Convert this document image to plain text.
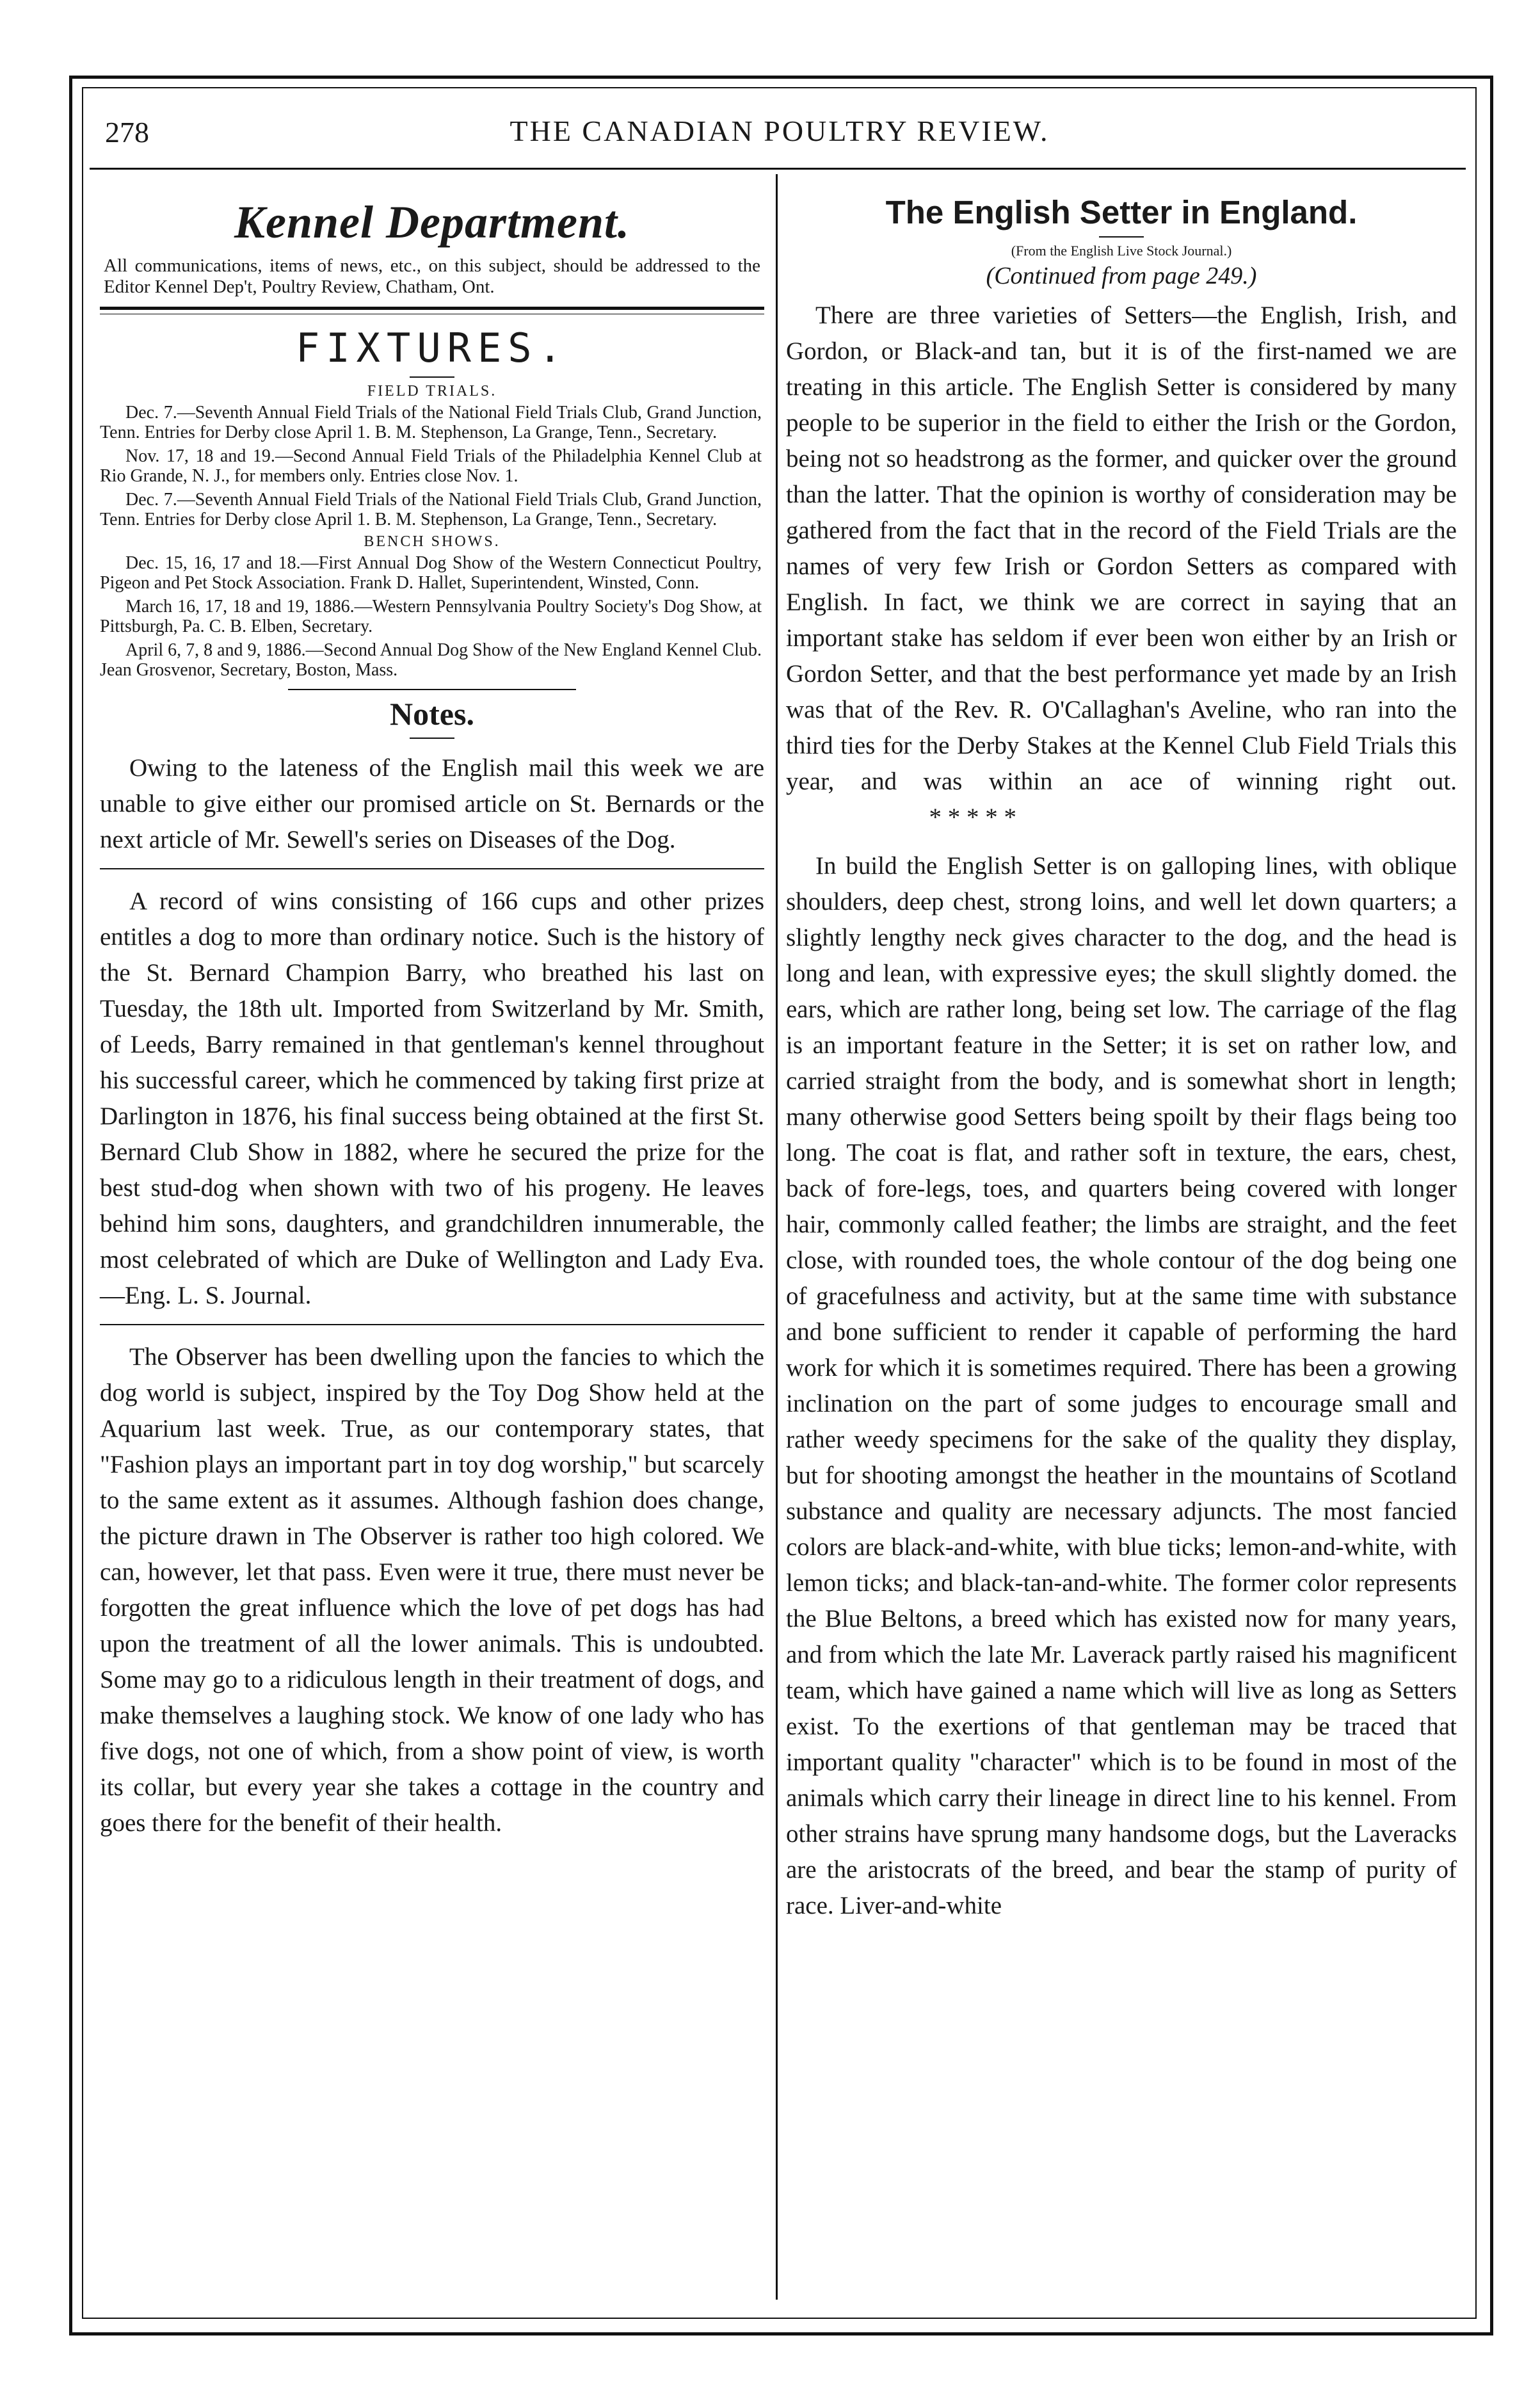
278	THE CANADIAN POULTRY REVIEW.
Kennel Department.

All communications, items of news, etc., on this subject, should be addressed to the Editor Kennel Dep't, Poultry Review, Chatham, Ont.

FIXTURES.
FIELD TRIALS.

Dec. 7.—Seventh Annual Field Trials of the National Field Trials Club, Grand Junction, Tenn. Entries for Derby close April 1. B. M. Stephenson, La Grange, Tenn., Secretary.

Nov. 17, 18 and 19.—Second Annual Field Trials of the Philadelphia Kennel Club at Rio Grande, N. J., for members only. Entries close Nov. 1.

Dec. 7.—Seventh Annual Field Trials of the National Field Trials Club, Grand Junction, Tenn. Entries for Derby close April 1. B. M. Stephenson, La Grange, Tenn., Secretary.

BENCH SHOWS.

Dec. 15, 16, 17 and 18.—First Annual Dog Show of the Western Connecticut Poultry, Pigeon and Pet Stock Association. Frank D. Hallet, Superintendent, Winsted, Conn.

March 16, 17, 18 and 19, 1886.—Western Pennsylvania Poultry Society's Dog Show, at Pittsburgh, Pa. C. B. Elben, Secretary.

April 6, 7, 8 and 9, 1886.—Second Annual Dog Show of the New England Kennel Club. Jean Grosvenor, Secretary, Boston, Mass.

Notes.

Owing to the lateness of the English mail this week we are unable to give either our promised article on St. Bernards or the next article of Mr. Sewell's series on Diseases of the Dog.

A record of wins consisting of 166 cups and other prizes entitles a dog to more than ordinary notice. Such is the history of the St. Bernard Champion Barry, who breathed his last on Tuesday, the 18th ult. Imported from Switzerland by Mr. Smith, of Leeds, Barry remained in that gentleman's kennel throughout his successful career, which he commenced by taking first prize at Darlington in 1876, his final success being obtained at the first St. Bernard Club Show in 1882, where he secured the prize for the best stud-dog when shown with two of his progeny. He leaves behind him sons, daughters, and grandchildren innumerable, the most celebrated of which are Duke of Wellington and Lady Eva.—Eng. L. S. Journal.

The Observer has been dwelling upon the fancies to which the dog world is subject, inspired by the Toy Dog Show held at the Aquarium last week. True, as our contemporary states, that "Fashion plays an important part in toy dog worship," but scarcely to the same extent as it assumes. Although fashion does change, the picture drawn in The Observer is rather too high colored. We can, however, let that pass. Even were it true, there must never be forgotten the great influence which the love of pet dogs has had upon the treatment of all the lower animals. This is undoubted. Some may go to a ridiculous length in their treatment of dogs, and make themselves a laughing stock. We know of one lady who has five dogs, not one of which, from a show point of view, is worth its collar, but every year she takes a cottage in the country and goes there for the benefit of their health.

The English Setter in England.
(From the English Live Stock Journal.)
(Continued from page 249.)

There are three varieties of Setters—the English, Irish, and Gordon, or Black-and tan, but it is of the first-named we are treating in this article. The English Setter is considered by many people to be superior in the field to either the Irish or the Gordon, being not so headstrong as the former, and quicker over the ground than the latter. That the opinion is worthy of consideration may be gathered from the fact that in the record of the Field Trials are the names of very few Irish or Gordon Setters as compared with English. In fact, we think we are correct in saying that an important stake has seldom if ever been won either by an Irish or Gordon Setter, and that the best performance yet made by an Irish was that of the Rev. R. O'Callaghan's Aveline, who ran into the third ties for the Derby Stakes at the Kennel Club Field Trials this year, and was within an ace of winning right out. * * * * *

In build the English Setter is on galloping lines, with oblique shoulders, deep chest, strong loins, and well let down quarters; a slightly lengthy neck gives character to the dog, and the head is long and lean, with expressive eyes; the skull slightly domed. the ears, which are rather long, being set low. The carriage of the flag is an important feature in the Setter; it is set on rather low, and carried straight from the body, and is somewhat short in length; many otherwise good Setters being spoilt by their flags being too long. The coat is flat, and rather soft in texture, the ears, chest, back of fore-legs, toes, and quarters being covered with longer hair, commonly called feather; the limbs are straight, and the feet close, with rounded toes, the whole contour of the dog being one of gracefulness and activity, but at the same time with substance and bone sufficient to render it capable of performing the hard work for which it is sometimes required. There has been a growing inclination on the part of some judges to encourage small and rather weedy specimens for the sake of the quality they display, but for shooting amongst the heather in the mountains of Scotland substance and quality are necessary adjuncts. The most fancied colors are black-and-white, with blue ticks; lemon-and-white, with lemon ticks; and black-tan-and-white. The former color represents the Blue Beltons, a breed which has existed now for many years, and from which the late Mr. Laverack partly raised his magnificent team, which have gained a name which will live as long as Setters exist. To the exertions of that gentleman may be traced that important quality "character" which is to be found in most of the animals which carry their lineage in direct line to his kennel. From other strains have sprung many handsome dogs, but the Laveracks are the aristocrats of the breed, and bear the stamp of purity of race. Liver-and-white
